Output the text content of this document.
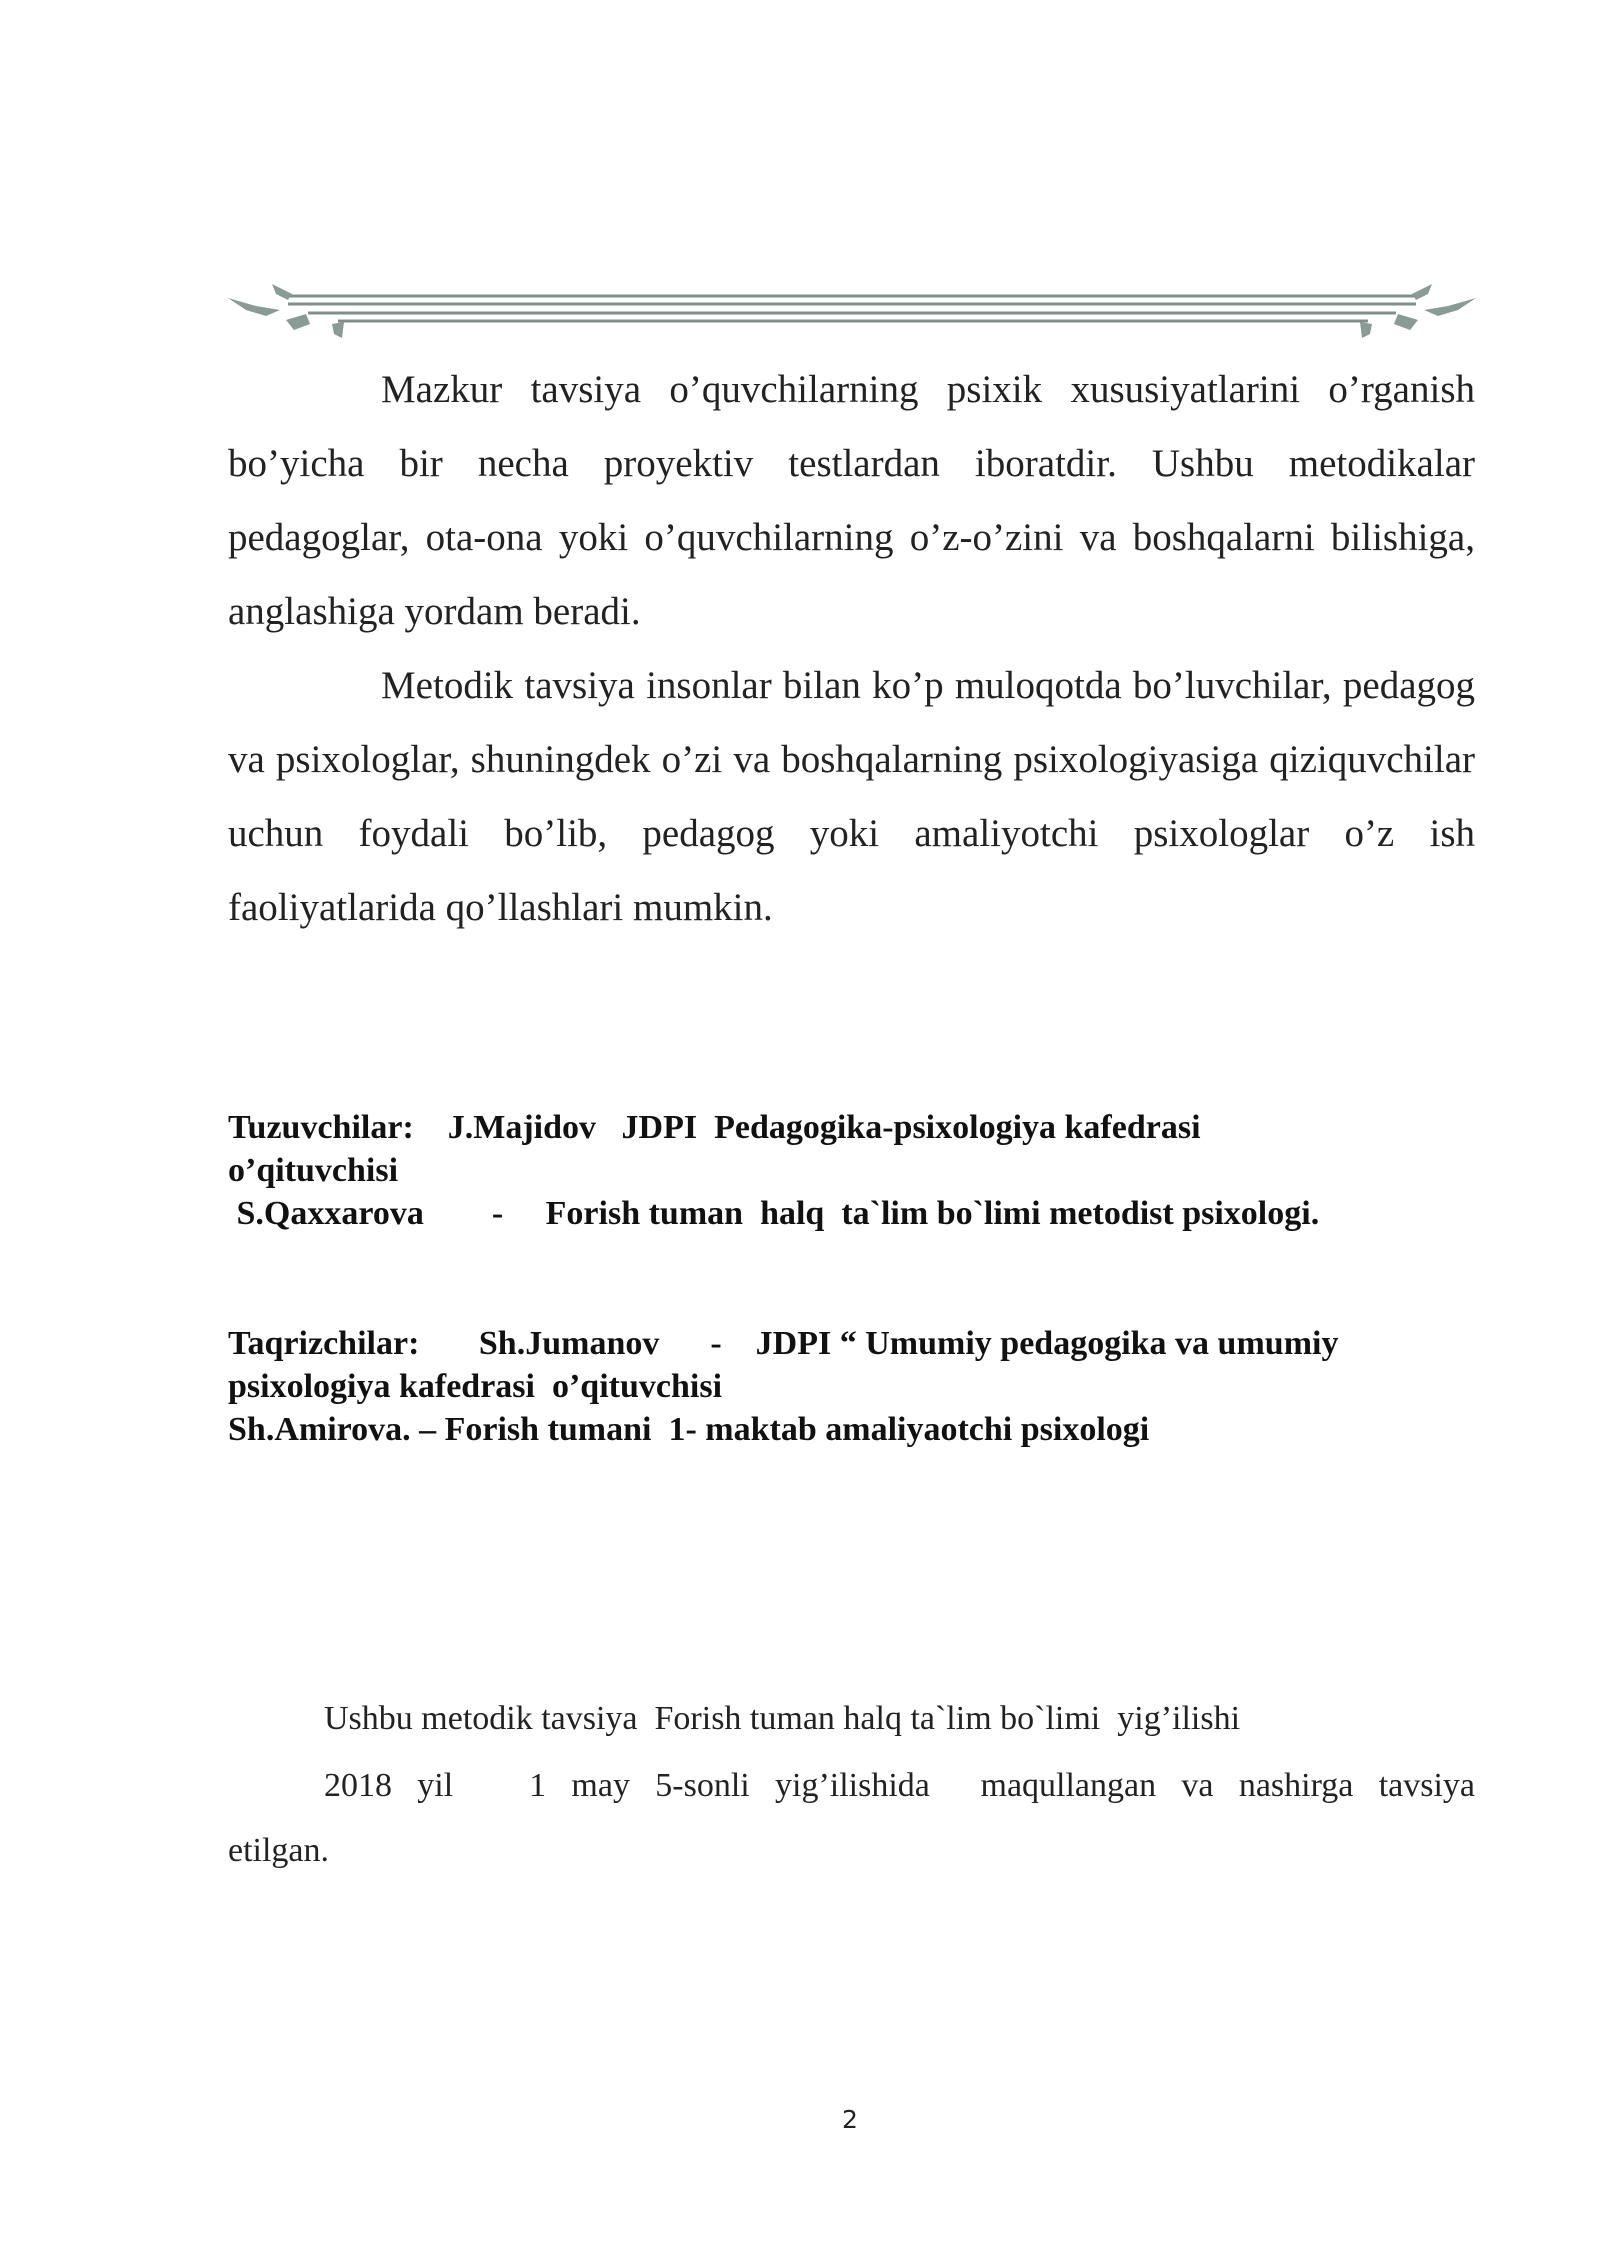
Mazkur tavsiya o’quvchilarning psixik xususiyatlarini o’rganish bo’yicha bir necha proyektiv testlardan iboratdir. Ushbu metodikalar pedagoglar, ota-ona yoki o’quvchilarning o’z-o’zini va boshqalarni bilishiga, anglashiga yordam beradi.

Metodik tavsiya insonlar bilan ko’p muloqotda bo’luvchilar, pedagog va psixologlar, shuningdek o’zi va boshqalarning psixologiyasiga qiziquvchilar uchun foydali bo’lib, pedagog yoki amaliyotchi psixologlar o’z ish faoliyatlarida qo’llashlari mumkin.

Tuzuvchilar:    J.Majidov   JDPI  Pedagogika-psixologiya kafedrasi
o’qituvchisi
S.Qaxxarova        -     Forish tuman  halq  ta`lim bo`limi metodist psixologi.
Taqrizchilar:       Sh.Jumanov      -    JDPI “ Umumiy pedagogika va umumiy
psixologiya kafedrasi  o’qituvchisi
Sh.Amirova. – Forish tumani  1- maktab amaliyaotchi psixologi
Ushbu metodik tavsiya  Forish tuman halq ta`lim bo`limi  yig’ilishi
2018 yil   1 may 5-sonli yig’ilishida  maqullangan va nashirga tavsiya
etilgan.
2
